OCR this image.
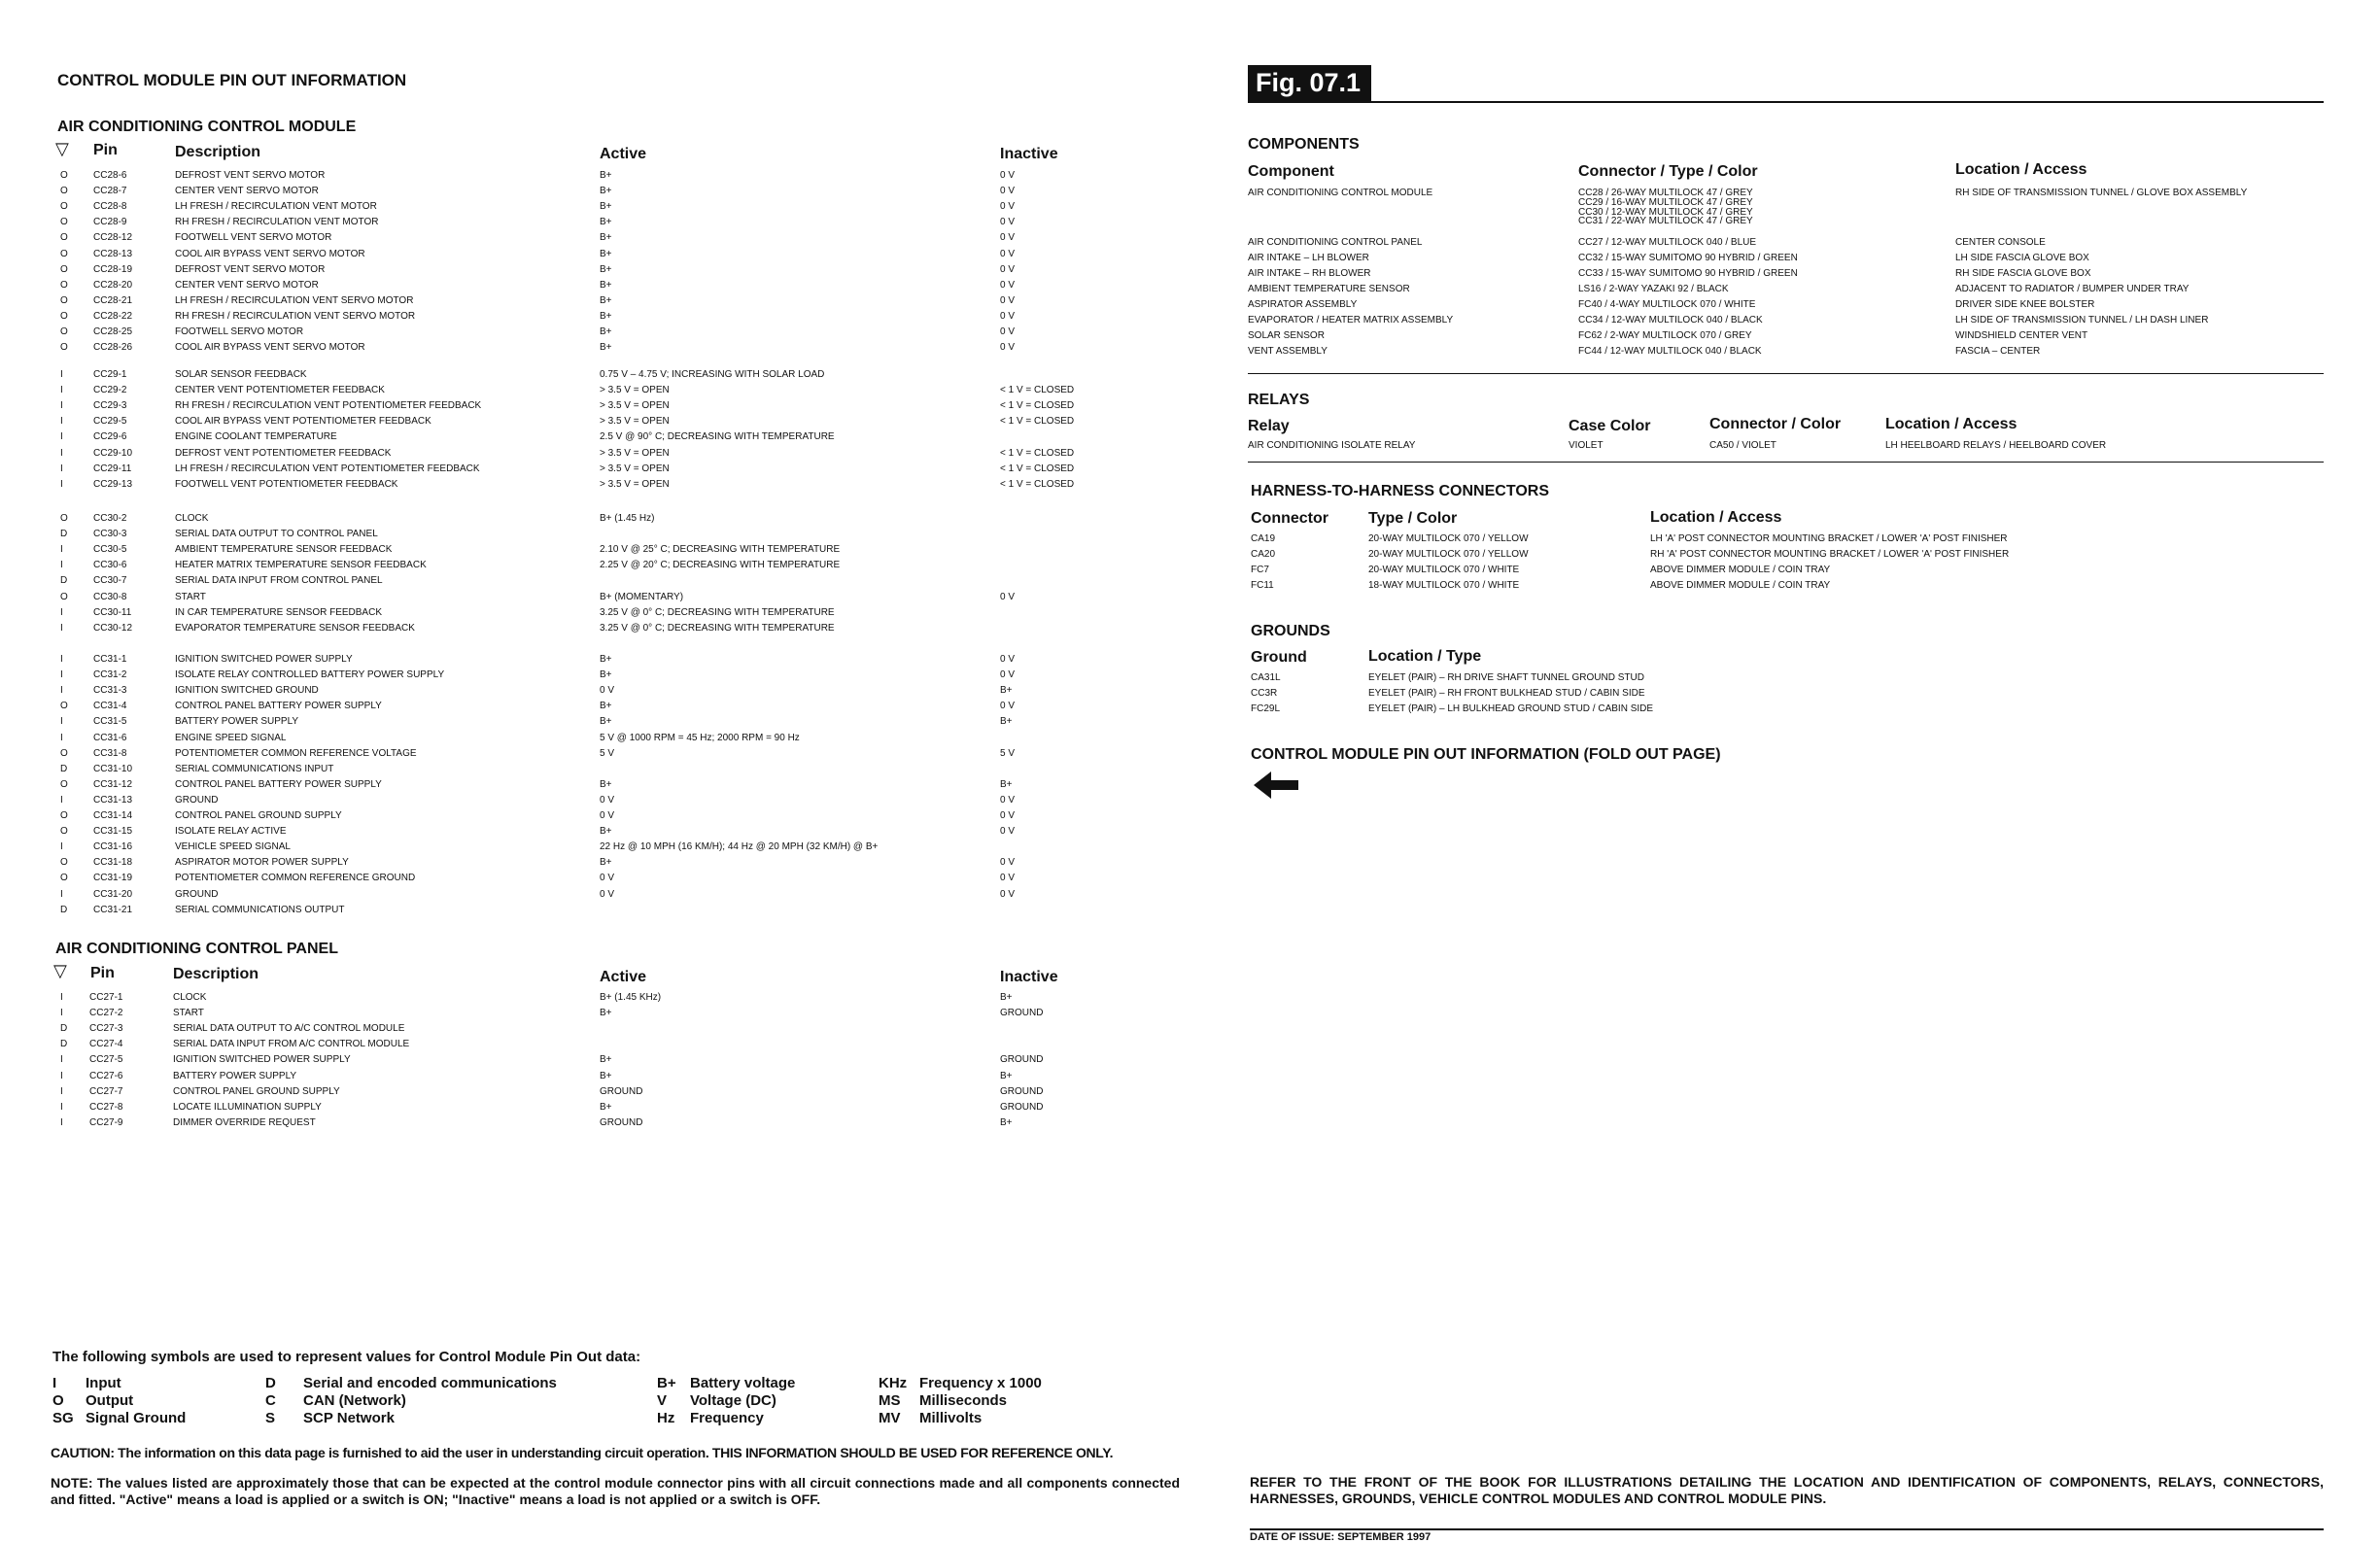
CONTROL MODULE PIN OUT INFORMATION
AIR CONDITIONING CONTROL MODULE
▽ Pin	Description	Active	Inactive
O	CC28-6	DEFROST VENT SERVO MOTOR	B+	0 V
O	CC28-7	CENTER VENT SERVO MOTOR	B+	0 V
O	CC28-8	LH FRESH / RECIRCULATION VENT MOTOR	B+	0 V
O	CC28-9	RH FRESH / RECIRCULATION VENT MOTOR	B+	0 V
O	CC28-12	FOOTWELL VENT SERVO MOTOR	B+	0 V
O	CC28-13	COOL AIR BYPASS VENT SERVO MOTOR	B+	0 V
O	CC28-19	DEFROST VENT SERVO MOTOR	B+	0 V
O	CC28-20	CENTER VENT SERVO MOTOR	B+	0 V
O	CC28-21	LH FRESH / RECIRCULATION VENT SERVO MOTOR	B+	0 V
O	CC28-22	RH FRESH / RECIRCULATION VENT SERVO MOTOR	B+	0 V
O	CC28-25	FOOTWELL SERVO MOTOR	B+	0 V
O	CC28-26	COOL AIR BYPASS VENT SERVO MOTOR	B+	0 V
I	CC29-1	SOLAR SENSOR FEEDBACK	0.75 V – 4.75 V; INCREASING WITH SOLAR LOAD
I	CC29-2	CENTER VENT POTENTIOMETER FEEDBACK	> 3.5 V = OPEN	< 1 V = CLOSED
I	CC29-3	RH FRESH / RECIRCULATION VENT POTENTIOMETER FEEDBACK	> 3.5 V = OPEN	< 1 V = CLOSED
I	CC29-5	COOL AIR BYPASS VENT POTENTIOMETER FEEDBACK	> 3.5 V = OPEN	< 1 V = CLOSED
I	CC29-6	ENGINE COOLANT TEMPERATURE	2.5 V @ 90° C; DECREASING WITH TEMPERATURE
I	CC29-10	DEFROST VENT POTENTIOMETER FEEDBACK	> 3.5 V = OPEN	< 1 V = CLOSED
I	CC29-11	LH FRESH / RECIRCULATION VENT POTENTIOMETER FEEDBACK	> 3.5 V = OPEN	< 1 V = CLOSED
I	CC29-13	FOOTWELL VENT POTENTIOMETER FEEDBACK	> 3.5 V = OPEN	< 1 V = CLOSED
O	CC30-2	CLOCK	B+ (1.45 Hz)
D	CC30-3	SERIAL DATA OUTPUT TO CONTROL PANEL
I	CC30-5	AMBIENT TEMPERATURE SENSOR FEEDBACK	2.10 V @ 25° C; DECREASING WITH TEMPERATURE
I	CC30-6	HEATER MATRIX TEMPERATURE SENSOR FEEDBACK	2.25 V @ 20° C; DECREASING WITH TEMPERATURE
D	CC30-7	SERIAL DATA INPUT FROM CONTROL PANEL
O	CC30-8	START	B+ (MOMENTARY)	0 V
I	CC30-11	IN CAR TEMPERATURE SENSOR FEEDBACK	3.25 V @ 0° C; DECREASING WITH TEMPERATURE
I	CC30-12	EVAPORATOR TEMPERATURE SENSOR FEEDBACK	3.25 V @ 0° C; DECREASING WITH TEMPERATURE
I	CC31-1	IGNITION SWITCHED POWER SUPPLY	B+	0 V
I	CC31-2	ISOLATE RELAY CONTROLLED BATTERY POWER SUPPLY	B+	0 V
I	CC31-3	IGNITION SWITCHED GROUND	0 V	B+
O	CC31-4	CONTROL PANEL BATTERY POWER SUPPLY	B+	0 V
I	CC31-5	BATTERY POWER SUPPLY	B+	B+
I	CC31-6	ENGINE SPEED SIGNAL	5 V @ 1000 RPM = 45 Hz; 2000 RPM = 90 Hz
O	CC31-8	POTENTIOMETER COMMON REFERENCE VOLTAGE	5 V	5 V
D	CC31-10	SERIAL COMMUNICATIONS INPUT
O	CC31-12	CONTROL PANEL BATTERY POWER SUPPLY	B+	B+
I	CC31-13	GROUND	0 V	0 V
O	CC31-14	CONTROL PANEL GROUND SUPPLY	0 V	0 V
O	CC31-15	ISOLATE RELAY ACTIVE	B+	0 V
I	CC31-16	VEHICLE SPEED SIGNAL	22 Hz @ 10 MPH (16 KM/H); 44 Hz @ 20 MPH (32 KM/H) @ B+
O	CC31-18	ASPIRATOR MOTOR POWER SUPPLY	B+	0 V
O	CC31-19	POTENTIOMETER COMMON REFERENCE GROUND	0 V	0 V
I	CC31-20	GROUND	0 V	0 V
D	CC31-21	SERIAL COMMUNICATIONS OUTPUT
AIR CONDITIONING CONTROL PANEL
▽ Pin	Description	Active	Inactive
I	CC27-1	CLOCK	B+ (1.45 KHz)	B+
I	CC27-2	START	B+	GROUND
D CC27-3	SERIAL DATA OUTPUT TO A/C CONTROL MODULE
D CC27-4	SERIAL DATA INPUT FROM A/C CONTROL MODULE
I	CC27-5	IGNITION SWITCHED POWER SUPPLY	B+	GROUND
I	CC27-6	BATTERY POWER SUPPLY	B+	B+
I	CC27-7	CONTROL PANEL GROUND SUPPLY	GROUND	GROUND
I	CC27-8	LOCATE ILLUMINATION SUPPLY	B+	GROUND
I	CC27-9	DIMMER OVERRIDE REQUEST	GROUND	B+
The following symbols are used to represent values for Control Module Pin Out data:
I Input
O Output
SG Signal Ground
D Serial and encoded communications
C CAN (Network)
S SCP Network
B+ Battery voltage
V Voltage (DC)
Hz Frequency
KHz Frequency x 1000
MS Milliseconds
MV Millivolts
CAUTION: The information on this data page is furnished to aid the user in understanding circuit operation. THIS INFORMATION SHOULD BE USED FOR REFERENCE ONLY.
NOTE: The values listed are approximately those that can be expected at the control module connector pins with all circuit connections made and all components connected and fitted. "Active" means a load is applied or a switch is ON; "Inactive" means a load is not applied or a switch is OFF.
Fig. 07.1
COMPONENTS
Component	Connector / Type / Color	Location / Access
AIR CONDITIONING CONTROL MODULE	CC28 / 26-WAY MULTILOCK 47 / GREY	RH SIDE OF TRANSMISSION TUNNEL / GLOVE BOX ASSEMBLY
CC29 / 16-WAY MULTILOCK 47 / GREY
CC30 / 12-WAY MULTILOCK 47 / GREY
CC31 / 22-WAY MULTILOCK 47 / GREY
AIR CONDITIONING CONTROL PANEL	CC27 / 12-WAY MULTILOCK 040 / BLUE	CENTER CONSOLE
AIR INTAKE – LH BLOWER	CC32 / 15-WAY SUMITOMO 90 HYBRID / GREEN	LH SIDE FASCIA GLOVE BOX
AIR INTAKE – RH BLOWER	CC33 / 15-WAY SUMITOMO 90 HYBRID / GREEN	RH SIDE FASCIA GLOVE BOX
AMBIENT TEMPERATURE SENSOR	LS16 / 2-WAY YAZAKI 92 / BLACK	ADJACENT TO RADIATOR / BUMPER UNDER TRAY
ASPIRATOR ASSEMBLY	FC40 / 4-WAY MULTILOCK 070 / WHITE	DRIVER SIDE KNEE BOLSTER
EVAPORATOR / HEATER MATRIX ASSEMBLY	CC34 / 12-WAY MULTILOCK 040 / BLACK	LH SIDE OF TRANSMISSION TUNNEL / LH DASH LINER
SOLAR SENSOR	FC62 / 2-WAY MULTILOCK 070 / GREY	WINDSHIELD CENTER VENT
VENT ASSEMBLY	FC44 / 12-WAY MULTILOCK 040 / BLACK	FASCIA – CENTER
RELAYS
Relay	Case Color	Connector / Color	Location / Access
AIR CONDITIONING ISOLATE RELAY	VIOLET	CA50 / VIOLET	LH HEELBOARD RELAYS / HEELBOARD COVER
HARNESS-TO-HARNESS CONNECTORS
Connector	Type / Color	Location / Access
CA19	20-WAY MULTILOCK 070 / YELLOW	LH 'A' POST CONNECTOR MOUNTING BRACKET / LOWER 'A' POST FINISHER
CA20	20-WAY MULTILOCK 070 / YELLOW	RH 'A' POST CONNECTOR MOUNTING BRACKET / LOWER 'A' POST FINISHER
FC7	20-WAY MULTILOCK 070 / WHITE	ABOVE DIMMER MODULE / COIN TRAY
FC11	18-WAY MULTILOCK 070 / WHITE	ABOVE DIMMER MODULE / COIN TRAY
GROUNDS
Ground	Location / Type
CA31L	EYELET (PAIR) – RH DRIVE SHAFT TUNNEL GROUND STUD
CC3R	EYELET (PAIR) – RH FRONT BULKHEAD STUD / CABIN SIDE
FC29L	EYELET (PAIR) – LH BULKHEAD GROUND STUD / CABIN SIDE
CONTROL MODULE PIN OUT INFORMATION (FOLD OUT PAGE)
REFER TO THE FRONT OF THE BOOK FOR ILLUSTRATIONS DETAILING THE LOCATION AND IDENTIFICATION OF COMPONENTS, RELAYS, CONNECTORS, HARNESSES, GROUNDS, VEHICLE CONTROL MODULES AND CONTROL MODULE PINS.
DATE OF ISSUE: SEPTEMBER 1997
